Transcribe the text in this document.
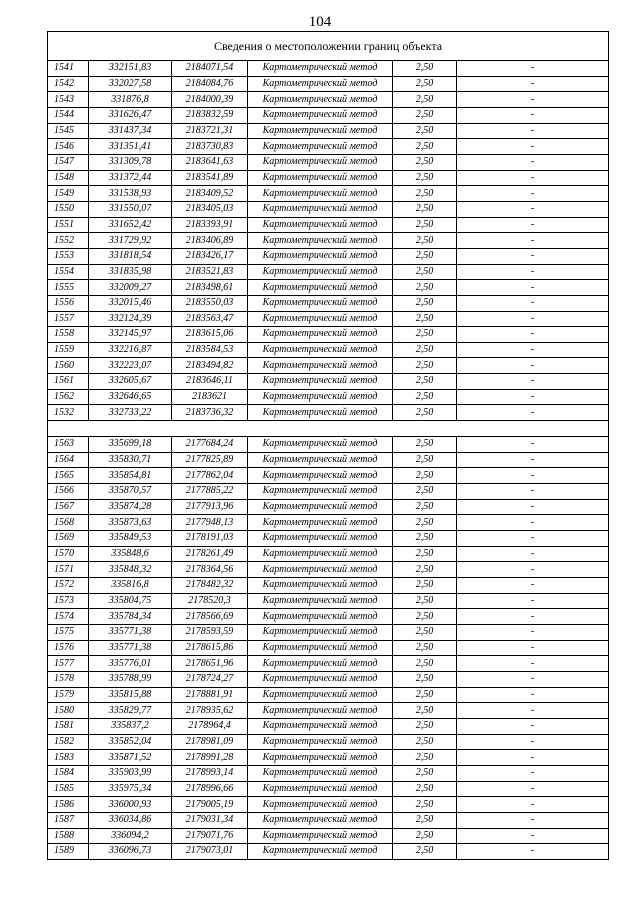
104
Сведения о местоположении границ объекта					
1541	332151,83	2184071,54	Картометрический метод	2,50	-
1542	332027,58	2184084,76	Картометрический метод	2,50	-
1543	331876,8	2184000,39	Картометрический метод	2,50	-
1544	331626,47	2183832,59	Картометрический метод	2,50	-
1545	331437,34	2183721,31	Картометрический метод	2,50	-
1546	331351,41	2183730,83	Картометрический метод	2,50	-
1547	331309,78	2183641,63	Картометрический метод	2,50	-
1548	331372,44	2183541,89	Картометрический метод	2,50	-
1549	331538,93	2183409,52	Картометрический метод	2,50	-
1550	331550,07	2183405,03	Картометрический метод	2,50	-
1551	331652,42	2183393,91	Картометрический метод	2,50	-
1552	331729,92	2183406,89	Картометрический метод	2,50	-
1553	331818,54	2183426,17	Картометрический метод	2,50	-
1554	331835,98	2183521,83	Картометрический метод	2,50	-
1555	332009,27	2183498,61	Картометрический метод	2,50	-
1556	332015,46	2183550,03	Картометрический метод	2,50	-
1557	332124,39	2183563,47	Картометрический метод	2,50	-
1558	332145,97	2183615,06	Картометрический метод	2,50	-
1559	332216,87	2183584,53	Картометрический метод	2,50	-
1560	332223,07	2183494,82	Картометрический метод	2,50	-
1561	332605,67	2183646,11	Картометрический метод	2,50	-
1562	332646,65	2183621	Картометрический метод	2,50	-
1532	332733,22	2183736,32	Картометрический метод	2,50	-

1563	335699,18	2177684,24	Картометрический метод	2,50	-
1564	335830,71	2177825,89	Картометрический метод	2,50	-
1565	335854,81	2177862,04	Картометрический метод	2,50	-
1566	335870,57	2177885,22	Картометрический метод	2,50	-
1567	335874,28	2177913,96	Картометрический метод	2,50	-
1568	335873,63	2177948,13	Картометрический метод	2,50	-
1569	335849,53	2178191,03	Картометрический метод	2,50	-
1570	335848,6	2178261,49	Картометрический метод	2,50	-
1571	335848,32	2178364,56	Картометрический метод	2,50	-
1572	335816,8	2178482,32	Картометрический метод	2,50	-
1573	335804,75	2178520,3	Картометрический метод	2,50	-
1574	335784,34	2178566,69	Картометрический метод	2,50	-
1575	335771,38	2178593,59	Картометрический метод	2,50	-
1576	335771,38	2178615,86	Картометрический метод	2,50	-
1577	335776,01	2178651,96	Картометрический метод	2,50	-
1578	335788,99	2178724,27	Картометрический метод	2,50	-
1579	335815,88	2178881,91	Картометрический метод	2,50	-
1580	335829,77	2178935,62	Картометрический метод	2,50	-
1581	335837,2	2178964,4	Картометрический метод	2,50	-
1582	335852,04	2178981,09	Картометрический метод	2,50	-
1583	335871,52	2178991,28	Картометрический метод	2,50	-
1584	335903,99	2178993,14	Картометрический метод	2,50	-
1585	335975,34	2178996,66	Картометрический метод	2,50	-
1586	336000,93	2179005,19	Картометрический метод	2,50	-
1587	336034,86	2179031,34	Картометрический метод	2,50	-
1588	336094,2	2179071,76	Картометрический метод	2,50	-
1589	336096,73	2179073,01	Картометрический метод	2,50	-
